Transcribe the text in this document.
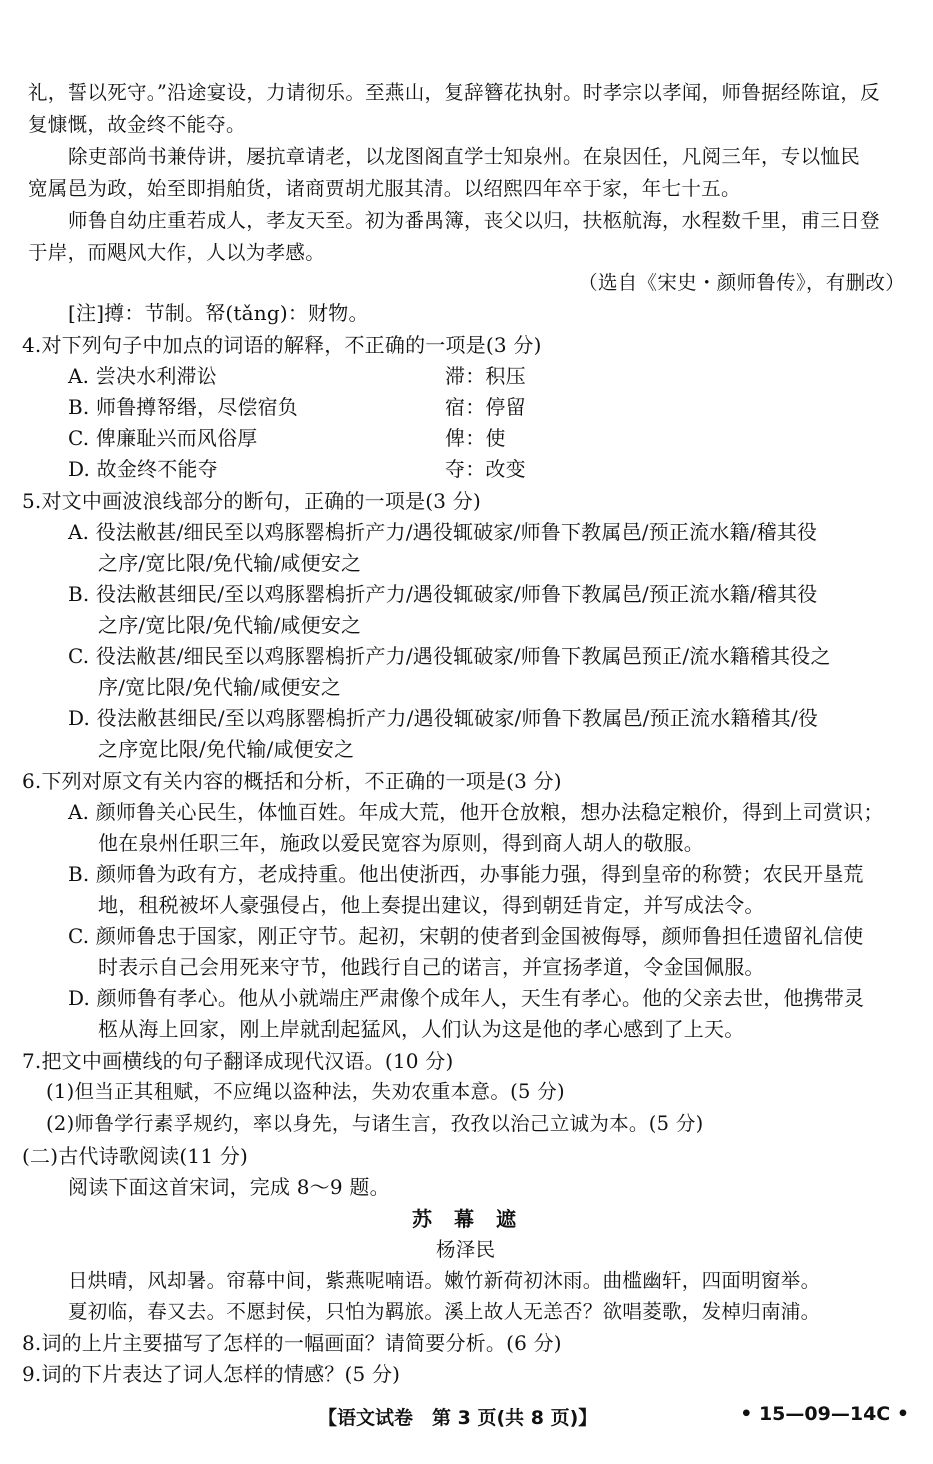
礼，誓以死守。”沿途宴设，力请彻乐。至燕山，复辞簪花执射。时孝宗以孝闻，师鲁据经陈谊，反
复慷慨，故金终不能夺。
除吏部尚书兼侍讲，屡抗章请老，以龙图阁直学士知泉州。在泉因任，凡阅三年，专以恤民
宽属邑为政，始至即捐舶货，诸商贾胡尤服其清。以绍熙四年卒于家，年七十五。
师鲁自幼庄重若成人，孝友天至。初为番禺簿，丧父以归，扶柩航海，水程数千里，甫三日登
于岸，而飓风大作，人以为孝感。
（选自《宋史・颜师鲁传》，有删改）
[注]撙：节制。帑(tǎng)：财物。
4.对下列句子中加点的词语的解释，不正确的一项是(3 分)
A. 尝决水利滞讼	滞：积压
B. 师鲁撙帑缗，尽偿宿负	宿：停留
C. 俾廉耻兴而风俗厚	俾：使
D. 故金终不能夺	夺：改变
5.对文中画波浪线部分的断句，正确的一项是(3 分)
A. 役法敝甚/细民至以鸡豚罂㮧折产力/遇役辄破家/师鲁下教属邑/预正流水籍/稽其役
之序/宽比限/免代输/咸便安之
B. 役法敝甚细民/至以鸡豚罂㮧折产力/遇役辄破家/师鲁下教属邑/预正流水籍/稽其役
之序/宽比限/免代输/咸便安之
C. 役法敝甚/细民至以鸡豚罂㮧折产力/遇役辄破家/师鲁下教属邑预正/流水籍稽其役之
序/宽比限/免代输/咸便安之
D. 役法敝甚细民/至以鸡豚罂㮧折产力/遇役辄破家/师鲁下教属邑/预正流水籍稽其/役
之序宽比限/免代输/咸便安之
6.下列对原文有关内容的概括和分析，不正确的一项是(3 分)
A. 颜师鲁关心民生，体恤百姓。年成大荒，他开仓放粮，想办法稳定粮价，得到上司赏识；
他在泉州任职三年，施政以爱民宽容为原则，得到商人胡人的敬服。
B. 颜师鲁为政有方，老成持重。他出使浙西，办事能力强，得到皇帝的称赞；农民开垦荒
地，租税被坏人豪强侵占，他上奏提出建议，得到朝廷肯定，并写成法令。
C. 颜师鲁忠于国家，刚正守节。起初，宋朝的使者到金国被侮辱，颜师鲁担任遗留礼信使
时表示自己会用死来守节，他践行自己的诺言，并宣扬孝道，令金国佩服。
D. 颜师鲁有孝心。他从小就端庄严肃像个成年人，天生有孝心。他的父亲去世，他携带灵
柩从海上回家，刚上岸就刮起猛风，人们认为这是他的孝心感到了上天。
7.把文中画横线的句子翻译成现代汉语。(10 分)
(1)但当正其租赋，不应绳以盗种法，失劝农重本意。(5 分)
(2)师鲁学行素孚规约，率以身先，与诸生言，孜孜以治己立诚为本。(5 分)
(二)古代诗歌阅读(11 分)
阅读下面这首宋词，完成 8～9 题。
苏幕遮
杨泽民
日烘晴，风却暑。帘幕中间，紫燕呢喃语。嫩竹新荷初沐雨。曲槛幽轩，四面明窗举。
夏初临，春又去。不愿封侯，只怕为羁旅。溪上故人无恙否？欲唱菱歌，发棹归南浦。
8.词的上片主要描写了怎样的一幅画面？请简要分析。(6 分)
9.词的下片表达了词人怎样的情感？(5 分)
【语文试卷　第 3 页(共 8 页)】	• 15—09—14C •
